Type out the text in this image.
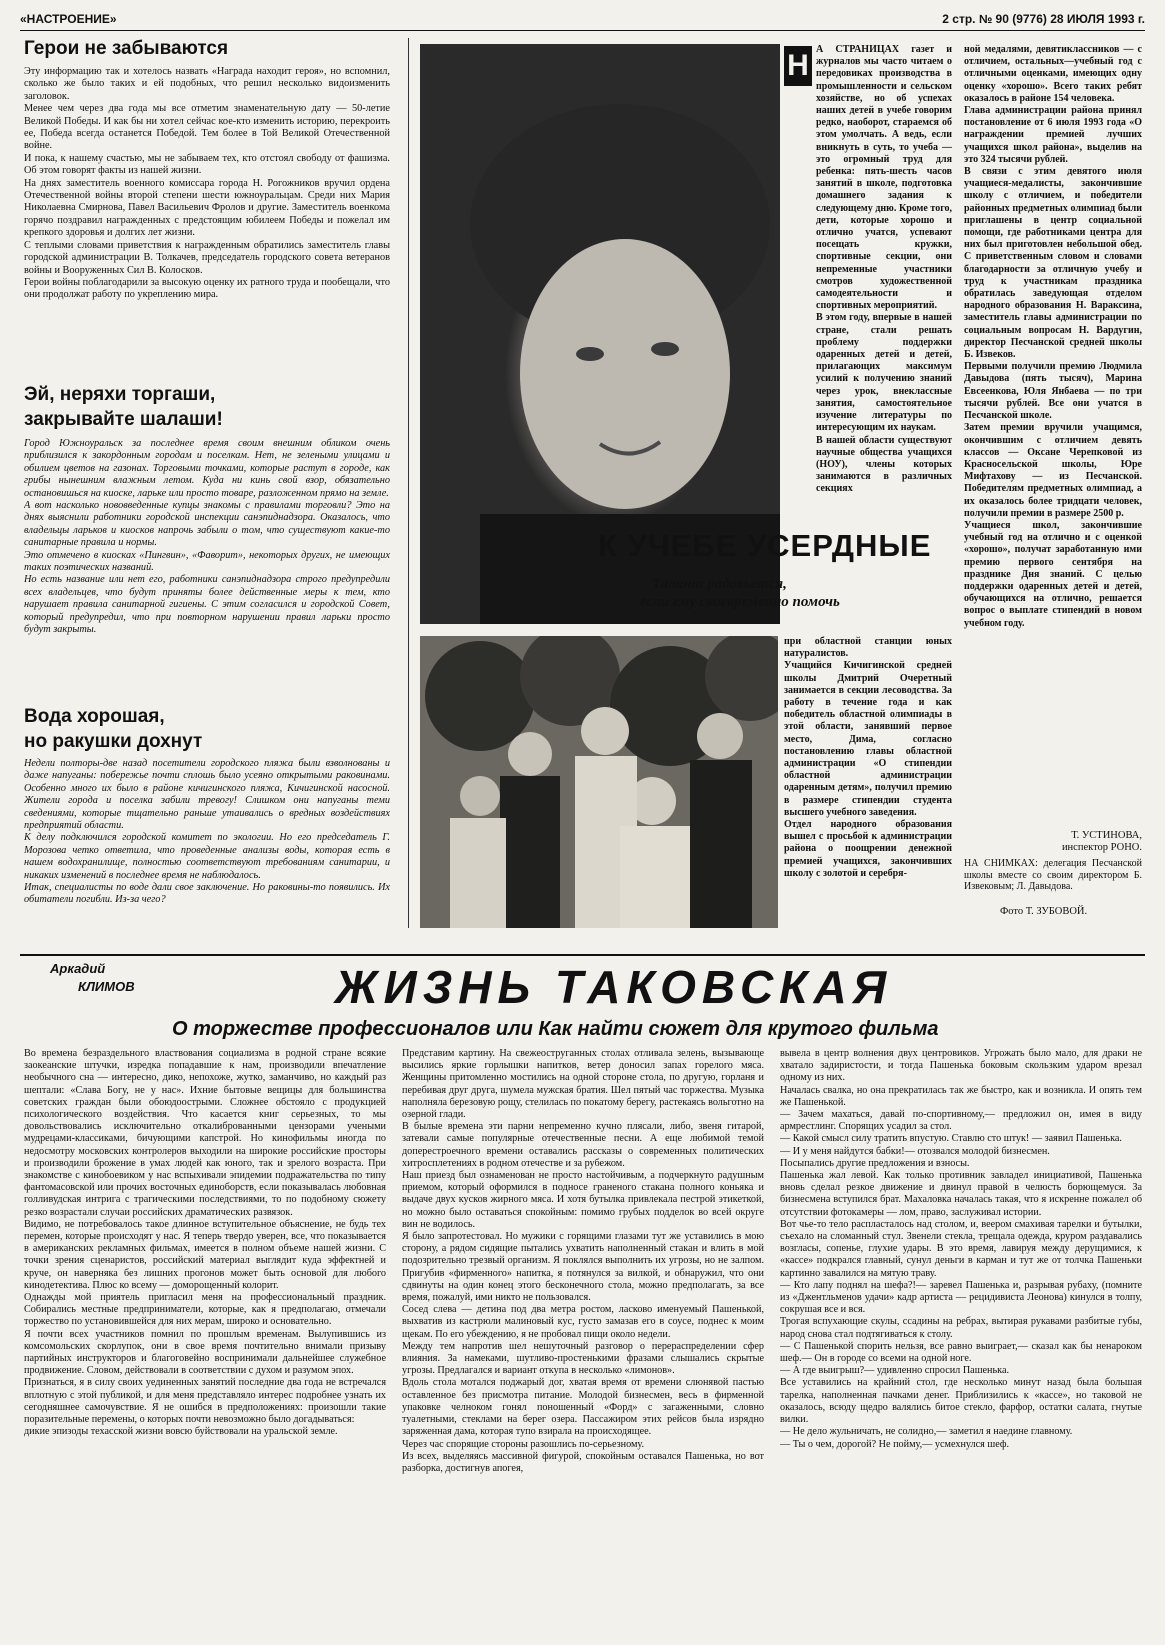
«НАСТРОЕНИЕ»	2 стр. № 90 (9776) 28 ИЮЛЯ 1993 г.
Герои не забываются

Эту информацию так и хотелось назвать «Награда находит героя», но вспомнил, сколько же было таких и ей подобных, что решил несколько видоизменить заголовок.
Менее чем через два года мы все отметим знаменательную дату — 50-летие Великой Победы. И как бы ни хотел сейчас кое-кто изменить историю, перекроить ее, Победа всегда останется Победой. Тем более в Той Великой Отечественной войне.
И пока, к нашему счастью, мы не забываем тех, кто отстоял свободу от фашизма. Об этом говорят факты из нашей жизни.
На днях заместитель военного комиссара города Н. Рогожников вручил ордена Отечественной войны второй степени шести южноуральцам. Среди них Мария Николаевна Смирнова, Павел Васильевич Фролов и другие. Заместитель военкома горячо поздравил награжденных с предстоящим юбилеем Победы и пожелал им крепкого здоровья и долгих лет жизни.
С теплыми словами приветствия к награжденным обратились заместитель главы городской администрации В. Толкачев, председатель городского совета ветеранов войны и Вооруженных Сил В. Колосков.
Герои войны поблагодарили за высокую оценку их ратного труда и пообещали, что они продолжат работу по укреплению мира.

Эй, неряхи торгаши,
закрывайте шалаши!

Город Южноуральск за последнее время своим внешним обликом очень приблизился к закордонным городам и поселкам. Нет, не зелеными улицами и обилием цветов на газонах. Торговыми точками, которые растут в городе, как грибы нынешним влажным летом. Куда ни кинь свой взор, обязательно остановишься на киоске, ларьке или просто товаре, разложенном прямо на земле.
А вот насколько нововведенные купцы знакомы с правилами торговли? Это на днях выяснили работники городской инспекции санэпиднадзора. Оказалось, что владельцы ларьков и киосков напрочь забыли о том, что существуют какие-то санитарные правила и нормы.
Это отмечено в киосках «Пингвин», «Фаворит», некоторых других, не имеющих таких поэтических названий.
Но есть название или нет его, работники санэпиднадзора строго предупредили всех владельцев, что будут приняты более действенные меры к тем, кто нарушает правила санитарной гигиены. С этим согласился и городской Совет, который предупредил, что при повторном нарушении правил ларьки просто будут закрыты.

Вода хорошая,
но ракушки дохнут

Недели полторы-две назад посетители городского пляжа были взволнованы и даже напуганы: побережье почти сплошь было усеяно открытыми раковинами. Особенно много их было в районе кичигинского пляжа, Кичигинской насосной. Жители города и поселка забили тревогу! Слишком они напуганы теми сведениями, которые тщательно раньше утаивались о вредных воздействиях предприятий области.
К делу подключился городской комитет по экологии. Но его председатель Г. Морозова четко ответила, что проведенные анализы воды, которая есть в нашем водохранилище, полностью соответствуют требованиям санитарии, и никаких изменений в последнее время не наблюдалось.
Итак, специалисты по воде дали свое заключение. Но раковины-то появились. Их обитатели погибли. Из-за чего?

К УЧЕБЕ УСЕРДНЫЕ
Талант радовьется,
если ему своевременно помочь
Н А СТРАНИЦАХ газет и журналов мы часто читаем о передовиках производства в промышленности и сельском хозяйстве, но об успехах наших детей в учебе говорим редко, наоборот, стараемся об этом умолчать. А ведь, если вникнуть в суть, то учеба — это огромный труд для ребенка: пять-шесть часов занятий в школе, подготовка домашнего задания к следующему дню. Кроме того, дети, которые хорошо и отлично учатся, успевают посещать кружки, спортивные секции, они непременные участники смотров художественной самодеятельности и спортивных мероприятий.
В этом году, впервые в нашей стране, стали решать проблему поддержки одаренных детей и детей, прилагающих максимум усилий к получению знаний через урок, внеклассные занятия, самостоятельное изучение литературы по интересующим их наукам.
В нашей области существуют научные общества учащихся (НОУ), члены которых занимаются в различных секциях

при областной станции юных натуралистов.
Учащийся Кичигинской средней школы Дмитрий Очеретный занимается в секции лесоводства. За работу в течение года и как победитель областной олимпиады в этой области, занявший первое место, Дима, согласно постановлению главы областной администрации «О стипендии областной администрации одаренным детям», получил премию в размере стипендии студента высшего учебного заведения.
Отдел народного образования вышел с просьбой к администрации района о поощрении денежной премией учащихся, закончивших школу с золотой и серебря-

ной медалями, девятиклассников — с отличием, остальных—учебный год с отличными оценками, имеющих одну оценку «хорошо». Всего таких ребят оказалось в районе 154 человека.
Глава администрации района принял постановление от 6 июля 1993 года «О награждении премией лучших учащихся школ района», выделив на это 324 тысячи рублей.
В связи с этим девятого июля учащиеся-медалисты, закончившие школу с отличием, и победители районных предметных олимпиад были приглашены в центр социальной помощи, где работниками центра для них был приготовлен небольшой обед. С приветственным словом и словами благодарности за отличную учебу и труд к участникам праздника обратилась заведующая отделом народного образования Н. Вараксина, заместитель главы администрации по социальным вопросам Н. Вардугин, директор Песчанской средней школы Б. Извеков.
Первыми получили премию Людмила Давыдова (пять тысяч), Марина Евсеенкова, Юля Янбаева — по три тысячи рублей. Все они учатся в Песчанской школе.
Затем премии вручили учащимся, окончившим с отличием девять классов — Оксане Черепковой из Красносельской школы, Юре Мифтахову — из Песчанской. Победителям предметных олимпиад, а их оказалось более тридцати человек, получили премии в размере 2500 р.
Учащиеся школ, закончившие учебный год на отлично и с оценкой «хорошо», получат заработанную ими премию первого сентября на празднике Дня знаний. С целью поддержки одаренных детей и детей, обучающихся на отлично, решается вопрос о выплате стипендий в новом учебном году.

Т. УСТИНОВА,
инспектор РОНО.

НА СНИМКАХ: делегация Песчанской школы вместе со своим директором Б. Извековым; Л. Давыдова.

Фото Т. ЗУБОВОЙ.
Аркадий
КЛИМОВ	ЖИЗНЬ ТАКОВСКАЯ
О торжестве профессионалов или Как найти сюжет для крутого фильма

Во времена безраздельного властвования социализма в родной стране всякие заокеанские штучки, изредка попадавшие к нам, производили впечатление необычного сна — интересно, дико, непохоже, жутко, заманчиво, но каждый раз шептали: «Слава Богу, не у нас». Ихние бытовые вещицы для большинства советских граждан были обоюдоострыми. Сложнее обстояло с продукцией психологического воздействия. Что касается книг серьезных, то мы довольствовались исключительно откалиброванными цензорами учеными мудрецами-классиками, бичующими капстрой. Но кинофильмы иногда по недосмотру московских контролеров выходили на широкие российские просторы и производили брожение в умах людей как юного, так и зрелого возраста. При знакомстве с кинобоевиком у нас вспыхивали эпидемии подражательства по типу фантомасовской или прочих восточных единоборств, если показывалась любовная голливудская интрига с трагическими последствиями, то по подобному сюжету резко возрастали случаи российских драматических развязок.
Видимо, не потребовалось такое длинное вступительное объяснение, не будь тех перемен, которые происходят у нас. Я теперь твердо уверен, все, что показывается в американских рекламных фильмах, имеется в полном объеме нашей жизни. С точки зрения сценаристов, российский материал выглядит куда эффектней и круче, он наверняка без лишних прогонов может быть основой для любого кинодетектива. Плюс ко всему — доморощенный колорит.
Однажды мой приятель пригласил меня на профессиональный праздник. Собирались местные предприниматели, которые, как я предполагаю, отмечали торжество по установившейся для них мерам, широко и основательно.
Я почти всех участников помнил по прошлым временам. Вылупившись из комсомольских скорлупок, они в свое время почтительно внимали призыву партийных инструкторов и благоговейно воспринимали дальнейшее служебное продвижение. Словом, действовали в соответствии с духом и разумом эпох.
Признаться, я в силу своих уединенных занятий последние два года не встречался вплотную с этой публикой, и для меня представляло интерес подробнее узнать их сегодняшнее самочувствие. Я не ошибся в предположениях: произошли такие поразительные перемены, о которых почти невозможно было догадываться:
дикие эпизоды техасской жизни вовсю буйствовали на уральской земле.

Представим картину. На свежеоструганных столах отливала зелень, вызывающе высились яркие горлышки напитков, ветер доносил запах горелого мяса. Женщины притомленно мостились на одной стороне стола, по другую, горланя и перебивая друг друга, шумела мужская братия. Шел пятый час торжества. Музыка наполняла березовую рощу, стелилась по покатому берегу, растекаясь вольготно на озерной глади.
В былые времена эти парни непременно кучно плясали, либо, звеня гитарой, затевали самые популярные отечественные песни. А еще любимой темой доперестроечного времени оставались рассказы о современных политических хитросплетениях в родном отечестве и за рубежом.
Наш приезд был ознаменован не просто настойчивым, а подчеркнуто радушным приемом, который оформился в подносе граненого стакана полного коньяка и выдаче двух кусков жирного мяса. И хотя бутылка привлекала пестрой этикеткой, но можно было оставаться спокойным: помимо грубых подделок во всей округе вин не водилось.
Я было запротестовал. Но мужики с горящими глазами тут же уставились в мою сторону, а рядом сидящие пытались ухватить наполненный стакан и влить в мой подозрительно трезвый организм. Я поклялся выполнить их угрозы, но не залпом. Пригубив «фирменного» напитка, я потянулся за вилкой, и обнаружил, что они сдвинуты на один конец этого бесконечного стола, можно предполагать, за все время, пожалуй, ими никто не пользовался.
Сосед слева — детина под два метра ростом, ласково именуемый Пашенькой, выхватив из кастрюли малиновый кус, густо замазав его в соусе, поднес к моим щекам. По его убеждению, я не пробовал пищи около недели.
Между тем напротив шел нешуточный разговор о перераспределении сфер влияния. За намеками, шутливо-простенькими фразами слышались скрытые угрозы. Предлагался и вариант откупа в несколько «лимонов».
Вдоль стола мотался поджарый дог, хватая время от времени слюнявой пастью оставленное без присмотра питание. Молодой бизнесмен, весь в фирменной упаковке челноком гонял поношенный «Форд» с загаженными, словно туалетными, стеклами на берег озера. Пассажиром этих рейсов была изрядно заряженная дама, которая тупо взирала на происходящее.
Через час спорящие стороны разошлись по-серьезному.
Из всех, выделяясь массивной фигурой, спокойным оставался Пашенька, но вот разборка, достигнув апогея,

вывела в центр волнения двух центровиков. Угрожать было мало, для драки не хватало задиристости, и тогда Пашенька боковым скользким ударом врезал одному из них.
Началась свалка, но она прекратилась так же быстро, как и возникла. И опять тем же Пашенькой.
— Зачем махаться, давай по-спортивному,— предложил он, имея в виду армрестлинг. Спорящих усадил за стол.
— Какой смысл силу тратить впустую. Ставлю сто штук! — заявил Пашенька.
— И у меня найдутся бабки!— отозвался молодой бизнесмен.
Посыпались другие предложения и взносы.
Пашенька жал левой. Как только противник завладел инициативой, Пашенька вновь сделал резкое движение и двинул правой в челюсть борющемуся. За бизнесмена вступился брат. Махаловка началась такая, что я искренне пожалел об отсутствии фотокамеры — лом, право, заслуживал истории.
Вот чье-то тело распласталось над столом, и, веером смахивая тарелки и бутылки, съехало на сломанный стул. Звенели стекла, трещала одежда, круром раздавались возгласы, сопенье, глухие удары. В это время, лавируя между дерущимися, к «кассе» подкрался главный, сунул деньги в карман и тут же от толчка Пашеньки картинно завалился на мятую траву.
— Кто лапу поднял на шефа?!— заревел Пашенька и, разрывая рубаху, (помните из «Джентльменов удачи» кадр артиста — рецидивиста Леонова) кинулся в толпу, сокрушая все и вся.
Трогая вспухающие скулы, ссадины на ребрах, вытирая рукавами разбитые губы, народ снова стал подтягиваться к столу.
— С Пашенькой спорить нельзя, все равно выиграет,— сказал как бы ненароком шеф.— Он в городе со всеми на одной ноге.
— А где выигрыш?— удивленно спросил Пашенька.
Все уставились на крайний стол, где несколько минут назад была большая тарелка, наполненная пачками денег. Приблизились к «кассе», но таковой не оказалось, всюду щедро валялись битое стекло, фарфор, остатки салата, гнутые вилки.
— Не дело жульничать, не солидно,— заметил я наедине главному.
— Ты о чем, дорогой? Не пойму,— усмехнулся шеф.
